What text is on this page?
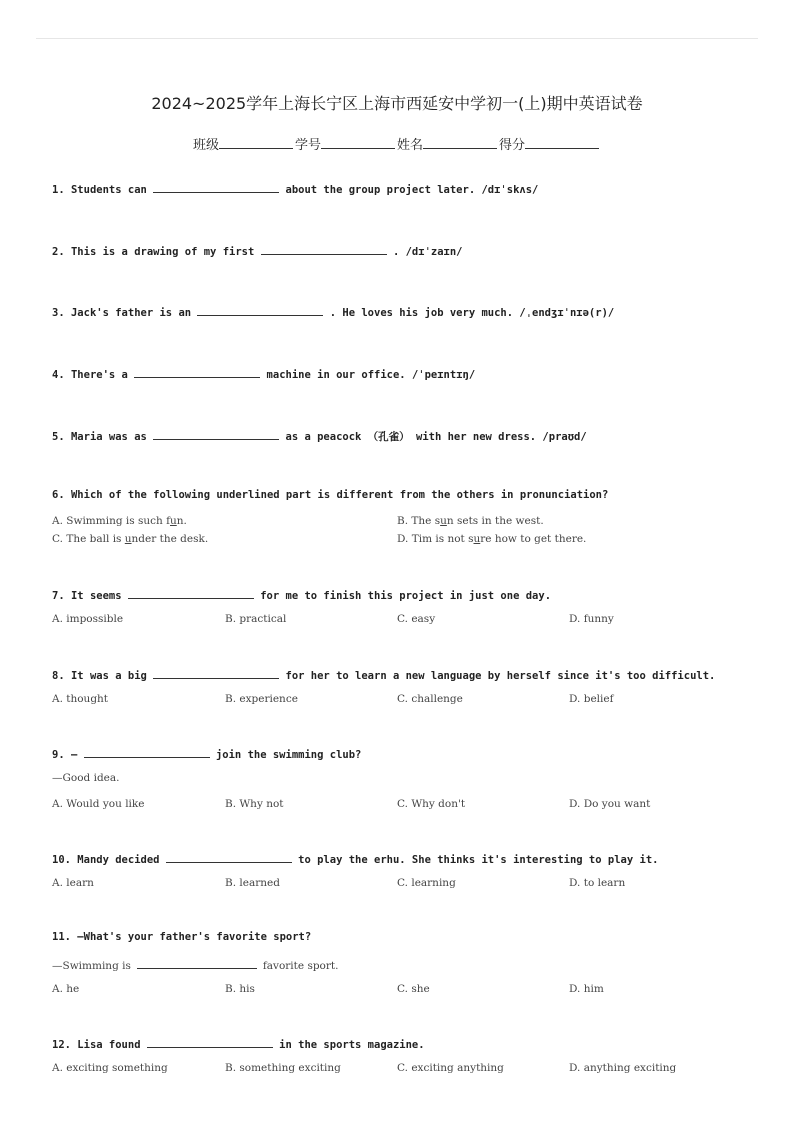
2024~2025学年上海长宁区上海市西延安中学初一(上)期中英语试卷
班级	学号	姓名	得分
1. Students can	about the group project later. /dɪˈskʌs/
2. This is a drawing of my first	. /dɪˈzaɪn/
3. Jack's father is an	. He loves his job very much. /ˌendʒɪˈnɪə(r)/
4. There's a	machine in our office. /ˈpeɪntɪŋ/
5. Maria was as	as a peacock （孔雀） with her new dress. /praʊd/
6. Which of the following underlined part is different from the others in pronunciation?
A. Swimming is such fun.	B. The sun sets in the west.
C. The ball is under the desk.	D. Tim is not sure how to get there.
7. It seems	for me to finish this project in just one day.
A. impossible	B. practical	C. easy	D. funny
8. It was a big	for her to learn a new language by herself since it's too difficult.
A. thought	B. experience	C. challenge	D. belief
9. —	join the swimming club?
—Good idea.
A. Would you like	B. Why not	C. Why don't	D. Do you want
10. Mandy decided	to play the erhu. She thinks it's interesting to play it.
A. learn	B. learned	C. learning	D. to learn
11. —What's your father's favorite sport?
—Swimming is	favorite sport.
A. he	B. his	C. she	D. him
12. Lisa found	in the sports magazine.
A. exciting something	B. something exciting	C. exciting anything	D. anything exciting
